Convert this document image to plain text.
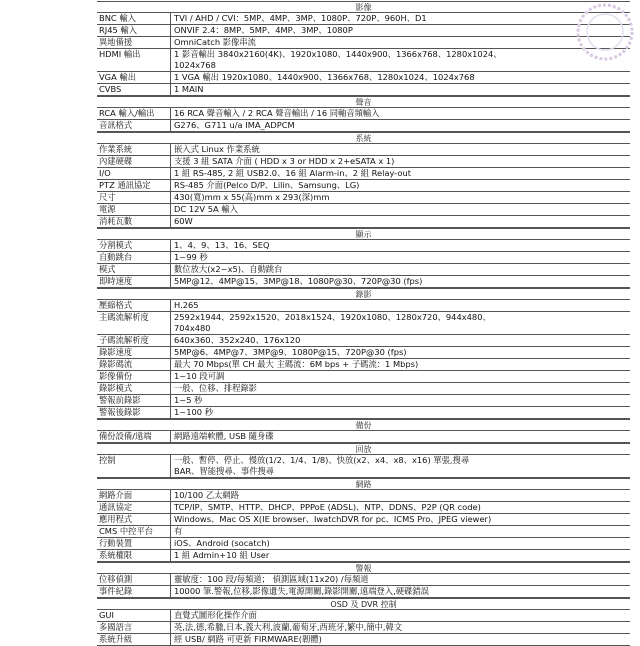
影像
BNC 輸入	TVI / AHD / CVI：5MP、4MP、3MP、1080P、720P、960H、D1
RJ45 輸入	ONVIF 2.4：8MP、5MP、4MP、3MP、1080P
異地備援	OmniCatch 影像串流
HDMI 輸出	1 影音輸出 3840x2160(4K)、1920x1080、1440x900、1366x768、1280x1024、
1024x768
VGA 輸出	1 VGA 輸出 1920x1080、1440x900、1366x768、1280x1024、1024x768
CVBS	1 MAIN
聲音
RCA 輸入/輸出	16 RCA 聲音輸入 / 2 RCA 聲音輸出 / 16 同軸音頻輸入
音訊格式	G276、G711 u/a IMA_ADPCM
系統
作業系統	嵌入式 Linux 作業系統
內建硬碟	支援 3 組 SATA 介面 ( HDD x 3 or HDD x 2+eSATA x 1)
I/O	1 組 RS-485, 2 組 USB2.0、16 組 Alarm-in、2 組 Relay-out
PTZ 通訊協定	RS-485 介面(Pelco D/P、Lilin、Samsung、LG)
尺寸	430(寬)mm x 55(高)mm x 293(深)mm
電源	DC 12V 5A 輸入
消耗瓦數	60W
顯示
分割模式	1、4、9、13、16、SEQ
自動跳台	1~99 秒
模式	數位放大(x2~x5)、自動跳台
即時速度	5MP@12、4MP@15、3MP@18、1080P@30、720P@30 (fps)
錄影
壓縮格式	H.265
主碼流解析度	2592x1944、2592x1520、2018x1524、1920x1080、1280x720、944x480、
704x480
子碼流解析度	640x360、352x240、176x120
錄影速度	5MP@6、4MP@7、3MP@9、1080P@15、720P@30 (fps)
錄影碼流	最大 70 Mbps(單 CH 最大 主碼流：6M bps + 子碼流：1 Mbps)
影像備份	1~10 段可調
錄影模式	一般、位移、排程錄影
警報前錄影	1~5 秒
警報後錄影	1~100 秒
備份
備份設備/遠端	網路遠端軟體, USB 隨身碟
回放
控制	一般、暫停、停止、慢放(1/2、1/4、1/8)、快放(x2、x4、x8、x16) 單張,搜尋
BAR、智能搜尋、事件搜尋
網路
網路介面	10/100 乙太網路
通訊協定	TCP/IP、SMTP、HTTP、DHCP、PPPoE (ADSL)、NTP、DDNS、P2P (QR code)
應用程式	Windows、Mac OS X(IE browser、IwatchDVR for pc、ICMS Pro、JPEG viewer)
CMS 中控平台	有
行動裝置	iOS、Android (socatch)
系統權限	1 組 Admin+10 組 User
警報
位移偵測	靈敏度：100 段/每頻道； 偵測區域(11x20) /每頻道
事件紀錄	10000 筆.警報,位移,影像遺失,電源開關,錄影開關,遠端登入,硬碟錯誤
OSD 及 DVR 控制
GUI	直覺式圖形化操作介面
多國語言	英,法,德,希臘,日本,義大利,波蘭,葡萄牙,西班牙,繁中,簡中,韓文
系統升級	經 USB/ 網路 可更新 FIRMWARE(韌體)
